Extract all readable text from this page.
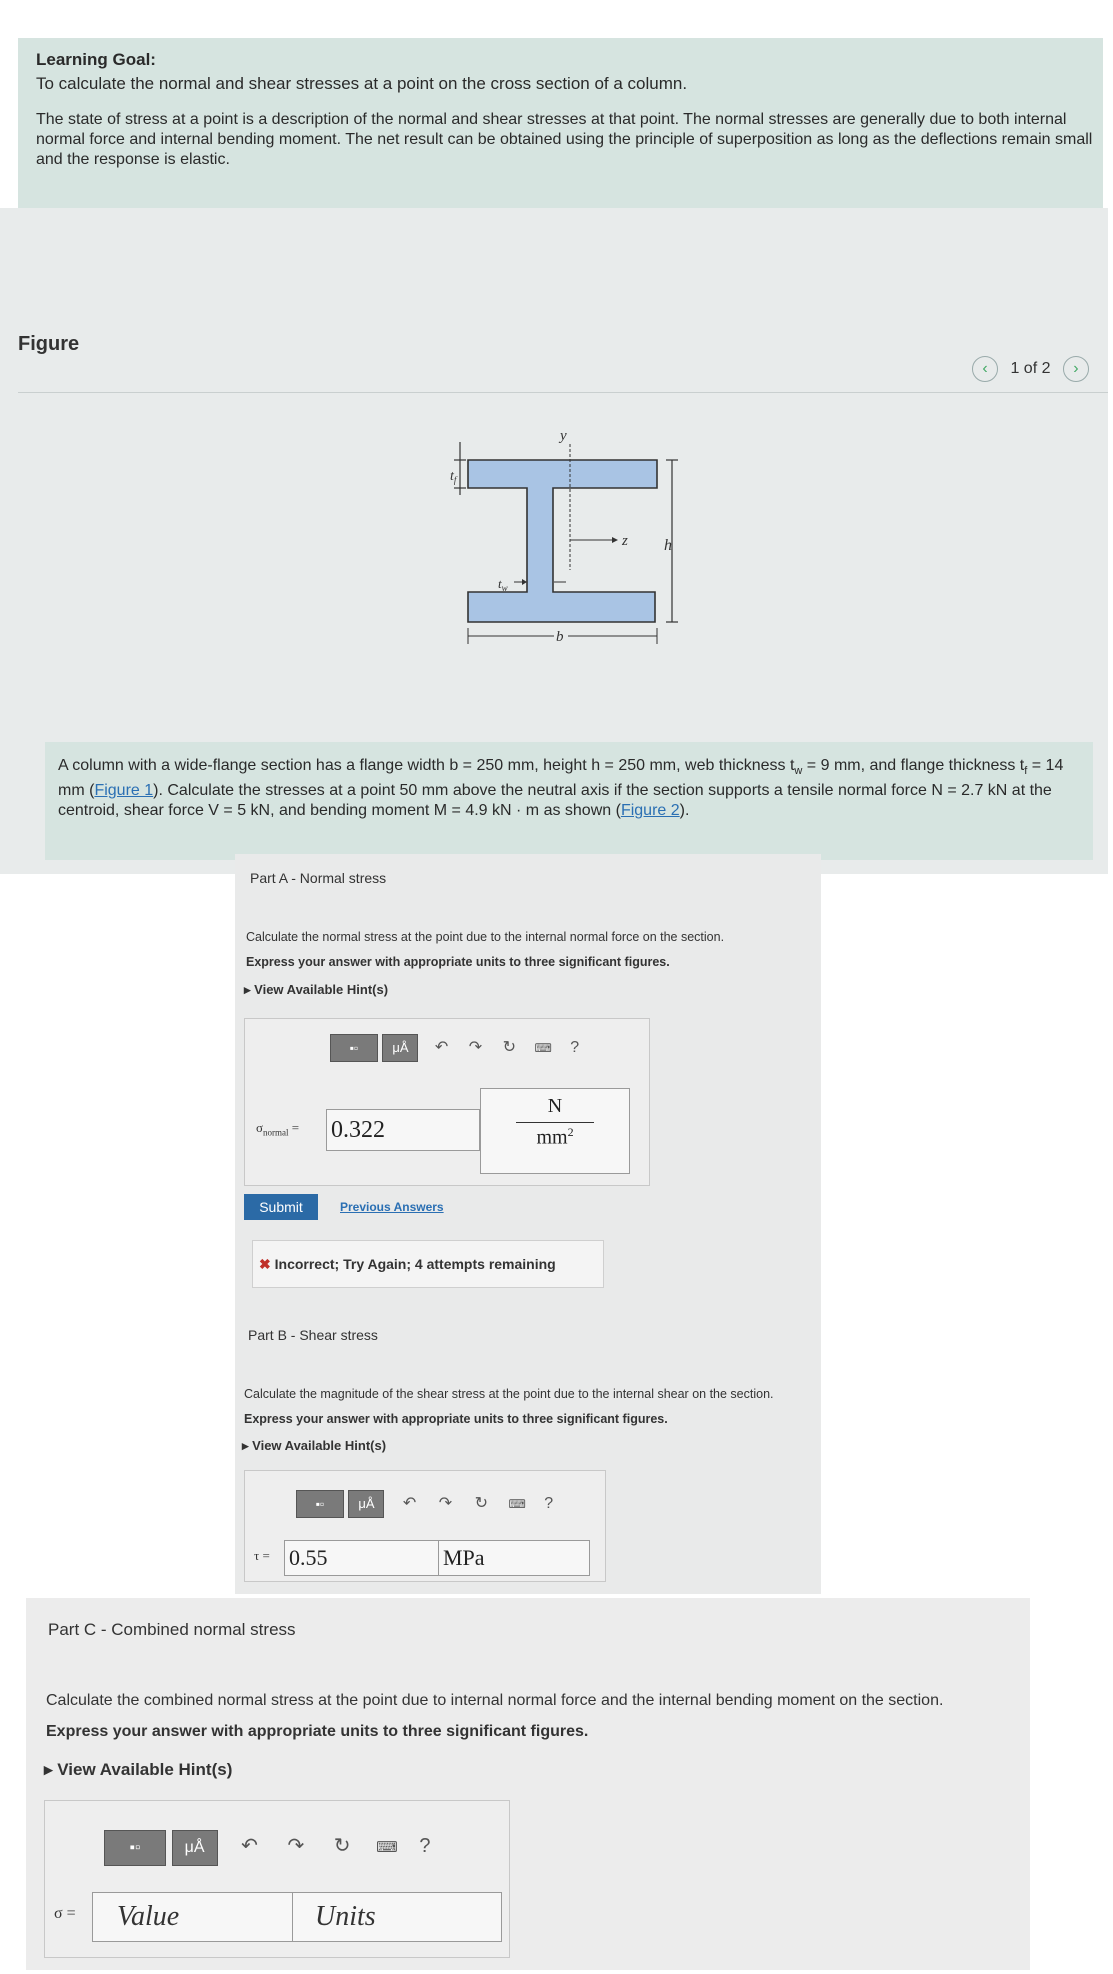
Learning Goal:
To calculate the normal and shear stresses at a point on the cross section of a column.
The state of stress at a point is a description of the normal and shear stresses at that point. The normal stresses are generally due to both internal normal force and internal bending moment. The net result can be obtained using the principle of superposition as long as the deflections remain small and the response is elastic.
Figure
‹ 1 of 2 ›
$t_f$
y
z h
$t_w$
b
A column with a wide-flange section has a flange width b = 250 mm, height h = 250 mm, web thickness $t_w = 9$ mm, and flange thickness $t_f = 14$ mm (Figure 1). Calculate the stresses at a point 50 mm above the neutral axis if the section supports a tensile normal force N = 2.7 kN at the centroid, shear force V = 5 kN, and bending moment M = 4.9 kN · m as shown (Figure 2).
Part A - Normal stress
Calculate the normal stress at the point due to the internal normal force on the section.
Express your answer with appropriate units to three significant figures.
▸ View Available Hint(s)
▪▫	μÅ ↶ ↷ ↻ ⌨ ?
$\sigma_{normal} = 0.322$
N
$mm^2$
Submit	Previous Answers
✖ Incorrect; Try Again; 4 attempts remaining
Part B - Shear stress
Calculate the magnitude of the shear stress at the point due to the internal shear on the section.
Express your answer with appropriate units to three significant figures.
▸ View Available Hint(s)
▪▫	μÅ ↶ ↷ ↻ ⌨ ?
τ = 0.55	MPa
Part C - Combined normal stress
Calculate the combined normal stress at the point due to internal normal force and the internal bending moment on the section.
Express your answer with appropriate units to three significant figures.
▸ View Available Hint(s)
▪▫	μÅ ↶ ↷ ↻ ⌨ ?
σ =	Value	Units
